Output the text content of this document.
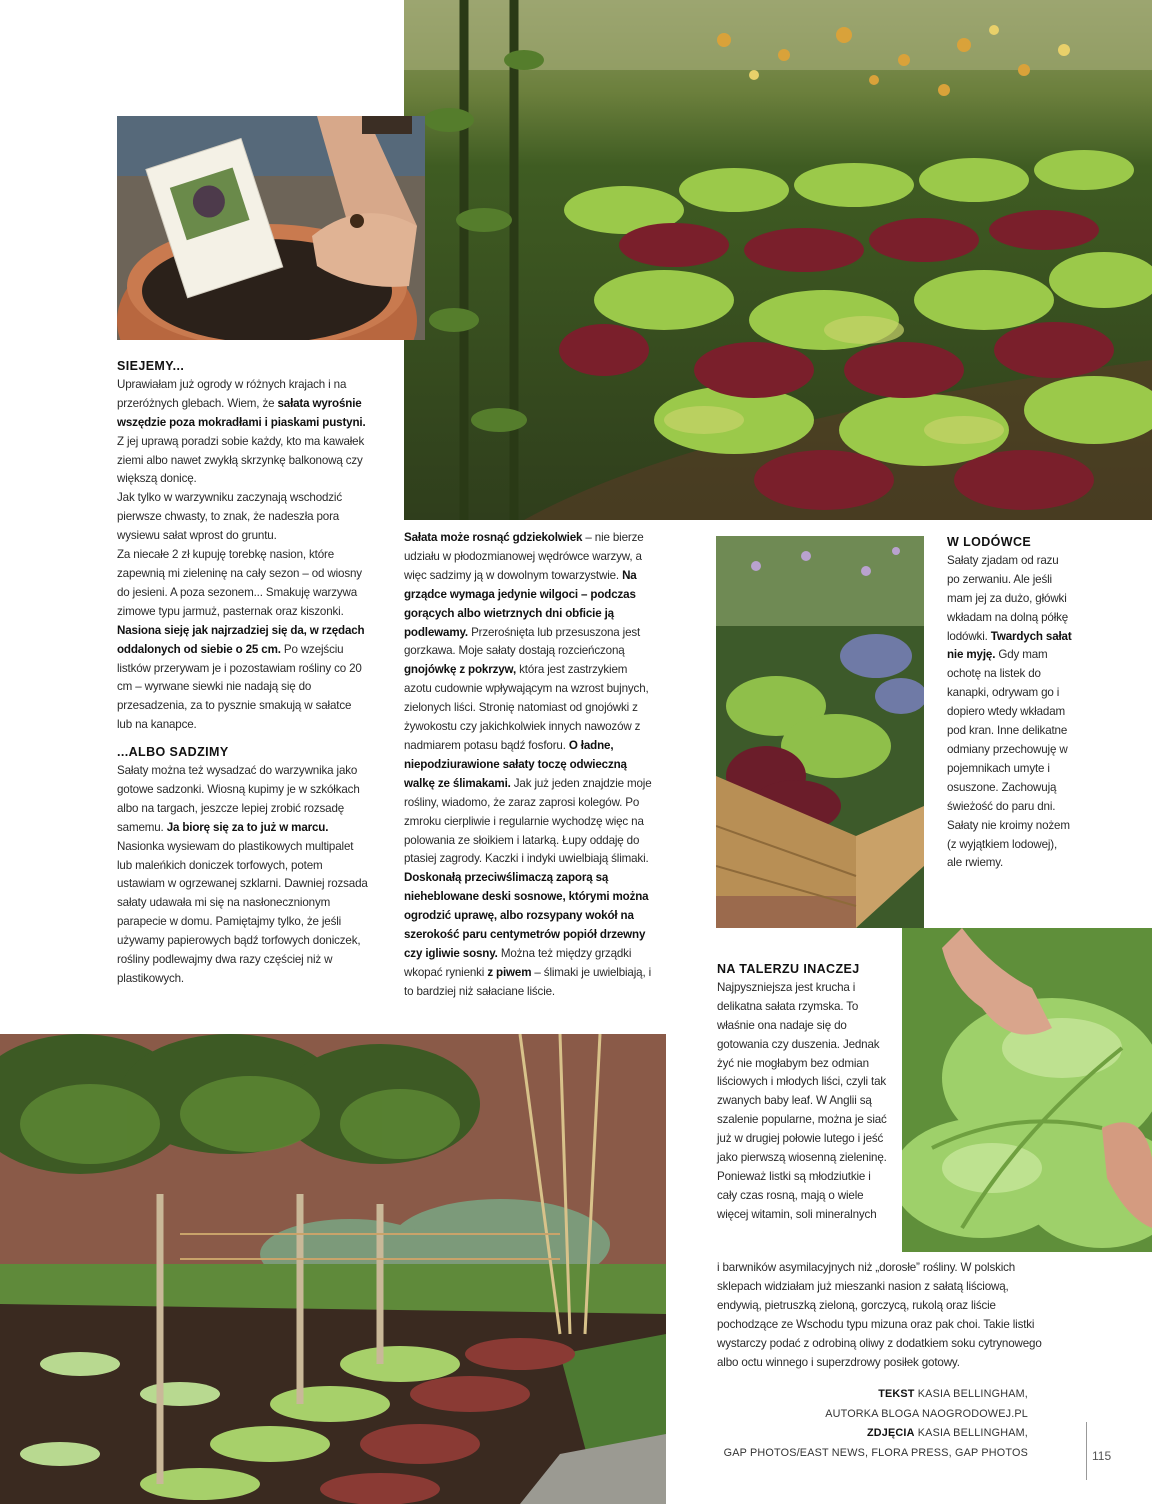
SIEJEMY...

Uprawiałam już ogrody w różnych krajach i na przeróżnych glebach. Wiem, że sałata wyrośnie wszędzie poza mokradłami i piaskami pustyni. Z jej uprawą poradzi sobie każdy, kto ma kawałek ziemi albo nawet zwykłą skrzynkę balkonową czy większą donicę.

Jak tylko w warzywniku zaczynają wschodzić pierwsze chwasty, to znak, że nadeszła pora wysiewu sałat wprost do gruntu.

Za niecałe 2 zł kupuję torebkę nasion, które zapewnią mi zieleninę na cały sezon – od wiosny do jesieni. A poza sezonem... Smakuję warzywa zimowe typu jarmuż, pasternak oraz kiszonki.

Nasiona sieję jak najrzadziej się da, w rzędach oddalonych od siebie o 25 cm. Po wzejściu listków przerywam je i pozostawiam rośliny co 20 cm – wyrwane siewki nie nadają się do przesadzenia, za to pysznie smakują w sałatce lub na kanapce.

...ALBO SADZIMY

Sałaty można też wysadzać do warzywnika jako gotowe sadzonki. Wiosną kupimy je w szkółkach albo na targach, jeszcze lepiej zrobić rozsadę samemu. Ja biorę się za to już w marcu.

Nasionka wysiewam do plastikowych multipalet lub maleńkich doniczek torfowych, potem ustawiam w ogrzewanej szklarni. Dawniej rozsada sałaty udawała mi się na nasłonecznionym parapecie w domu. Pamiętajmy tylko, że jeśli używamy papierowych bądź torfowych doniczek, rośliny podlewajmy dwa razy częściej niż w plastikowych.

Sałata może rosnąć gdziekolwiek – nie bierze udziału w płodozmianowej wędrówce warzyw, a więc sadzimy ją w dowolnym towarzystwie. Na grządce wymaga jedynie wilgoci – podczas gorących albo wietrznych dni obficie ją podlewamy. Przerośnięta lub przesuszona jest gorzkawa. Moje sałaty dostają rozcieńczoną gnojówkę z pokrzyw, która jest zastrzykiem azotu cudownie wpływającym na wzrost bujnych, zielonych liści. Stronię natomiast od gnojówki z żywokostu czy jakichkolwiek innych nawozów z nadmiarem potasu bądź fosforu. O ładne, niepodziurawione sałaty toczę odwieczną walkę ze ślimakami. Jak już jeden znajdzie moje rośliny, wiadomo, że zaraz zaprosi kolegów. Po zmroku cierpliwie i regularnie wychodzę więc na polowania ze słoikiem i latarką. Łupy oddaję do ptasiej zagrody. Kaczki i indyki uwielbiają ślimaki. Doskonałą przeciwślimaczą zaporą są nieheblowane deski sosnowe, którymi można ogrodzić uprawę, albo rozsypany wokół na szerokość paru centymetrów popiół drzewny czy igliwie sosny. Można też między grządki wkopać rynienki z piwem – ślimaki je uwielbiają, i to bardziej niż sałaciane liście.

W LODÓWCE

Sałaty zjadam od razu po zerwaniu. Ale jeśli mam jej za dużo, główki wkładam na dolną półkę lodówki. Twardych sałat nie myję. Gdy mam ochotę na listek do kanapki, odrywam go i dopiero wtedy wkładam pod kran. Inne delikatne odmiany przechowuję w pojemnikach umyte i osuszone. Zachowują świeżość do paru dni. Sałaty nie kroimy nożem (z wyjątkiem lodowej), ale rwiemy.

NA TALERZU INACZEJ

Najpyszniejsza jest krucha i delikatna sałata rzymska. To właśnie ona nadaje się do gotowania czy duszenia. Jednak żyć nie mogłabym bez odmian liściowych i młodych liści, czyli tak zwanych baby leaf. W Anglii są szalenie popularne, można je siać już w drugiej połowie lutego i jeść jako pierwszą wiosenną zieleninę. Ponieważ listki są młodziutkie i cały czas rosną, mają o wiele więcej witamin, soli mineralnych

i barwników asymilacyjnych niż „dorosłe” rośliny. W polskich sklepach widziałam już mieszanki nasion z sałatą liściową, endywią, pietruszką zieloną, gorczycą, rukolą oraz liście pochodzące ze Wschodu typu mizuna oraz pak choi. Takie listki wystarczy podać z odrobiną oliwy z dodatkiem soku cytrynowego albo octu winnego i superzdrowy posiłek gotowy.

TEKST KASIA BELLINGHAM,
AUTORKA BLOGA NAOGRODOWEJ.PL
ZDJĘCIA KASIA BELLINGHAM,
GAP PHOTOS/EAST NEWS, FLORA PRESS, GAP PHOTOS	115
